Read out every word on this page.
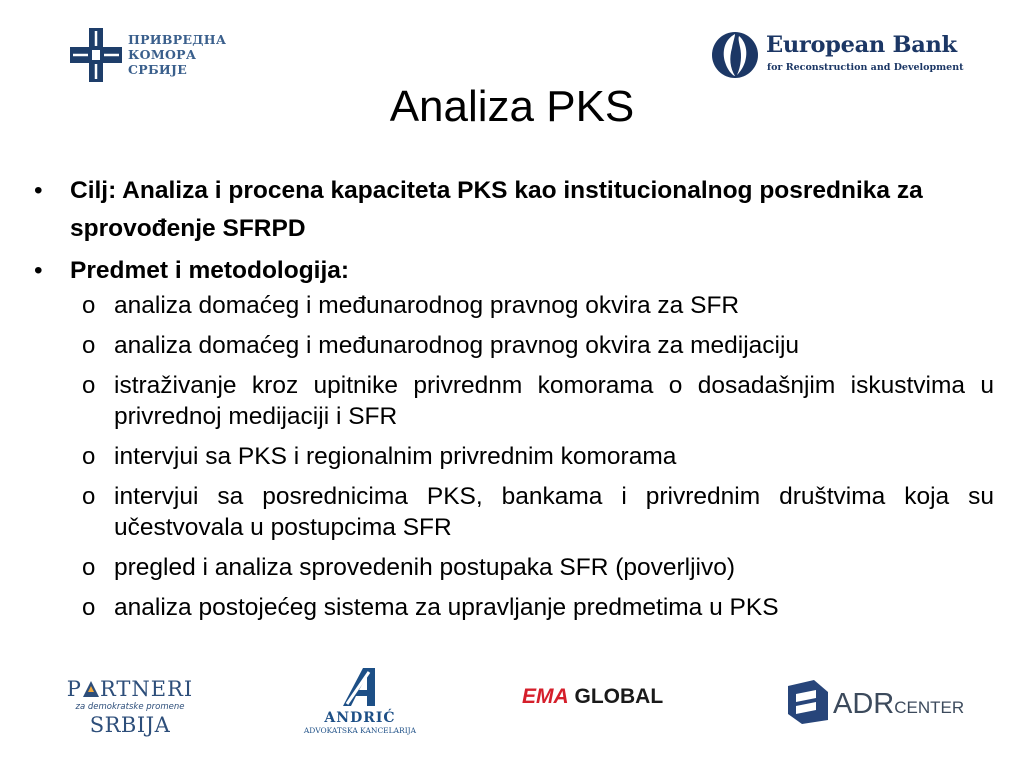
ПРИВРЕДНА
КОМОРА
СРБИЈЕ
European Bank
for Reconstruction and Development
Analiza PKS
• Cilj: Analiza i procena kapaciteta PKS kao institucionalnog posrednika za sprovođenje SFRPD
• Predmet i metodologija:
o analiza domaćeg i međunarodnog pravnog okvira za SFR
o analiza domaćeg i međunarodnog pravnog okvira za medijaciju
o istraživanje kroz upitnike privrednm komorama o dosadašnjim iskustvima u privrednoj medijaciji i SFR
o intervjui sa PKS i regionalnim privrednim komorama
o intervjui sa posrednicima PKS, bankama i privrednim društvima koja su učestvovala u postupcima SFR
o pregled i analiza sprovedenih postupaka SFR (poverljivo)
o analiza postojećeg sistema za upravljanje predmetima u PKS
P RTNERI
za demokratske promene
SRBIJA	ANDRIĆ
ADVOKATSKA KANCELARIJA
EMA GLOBAL	ADRCENTER
